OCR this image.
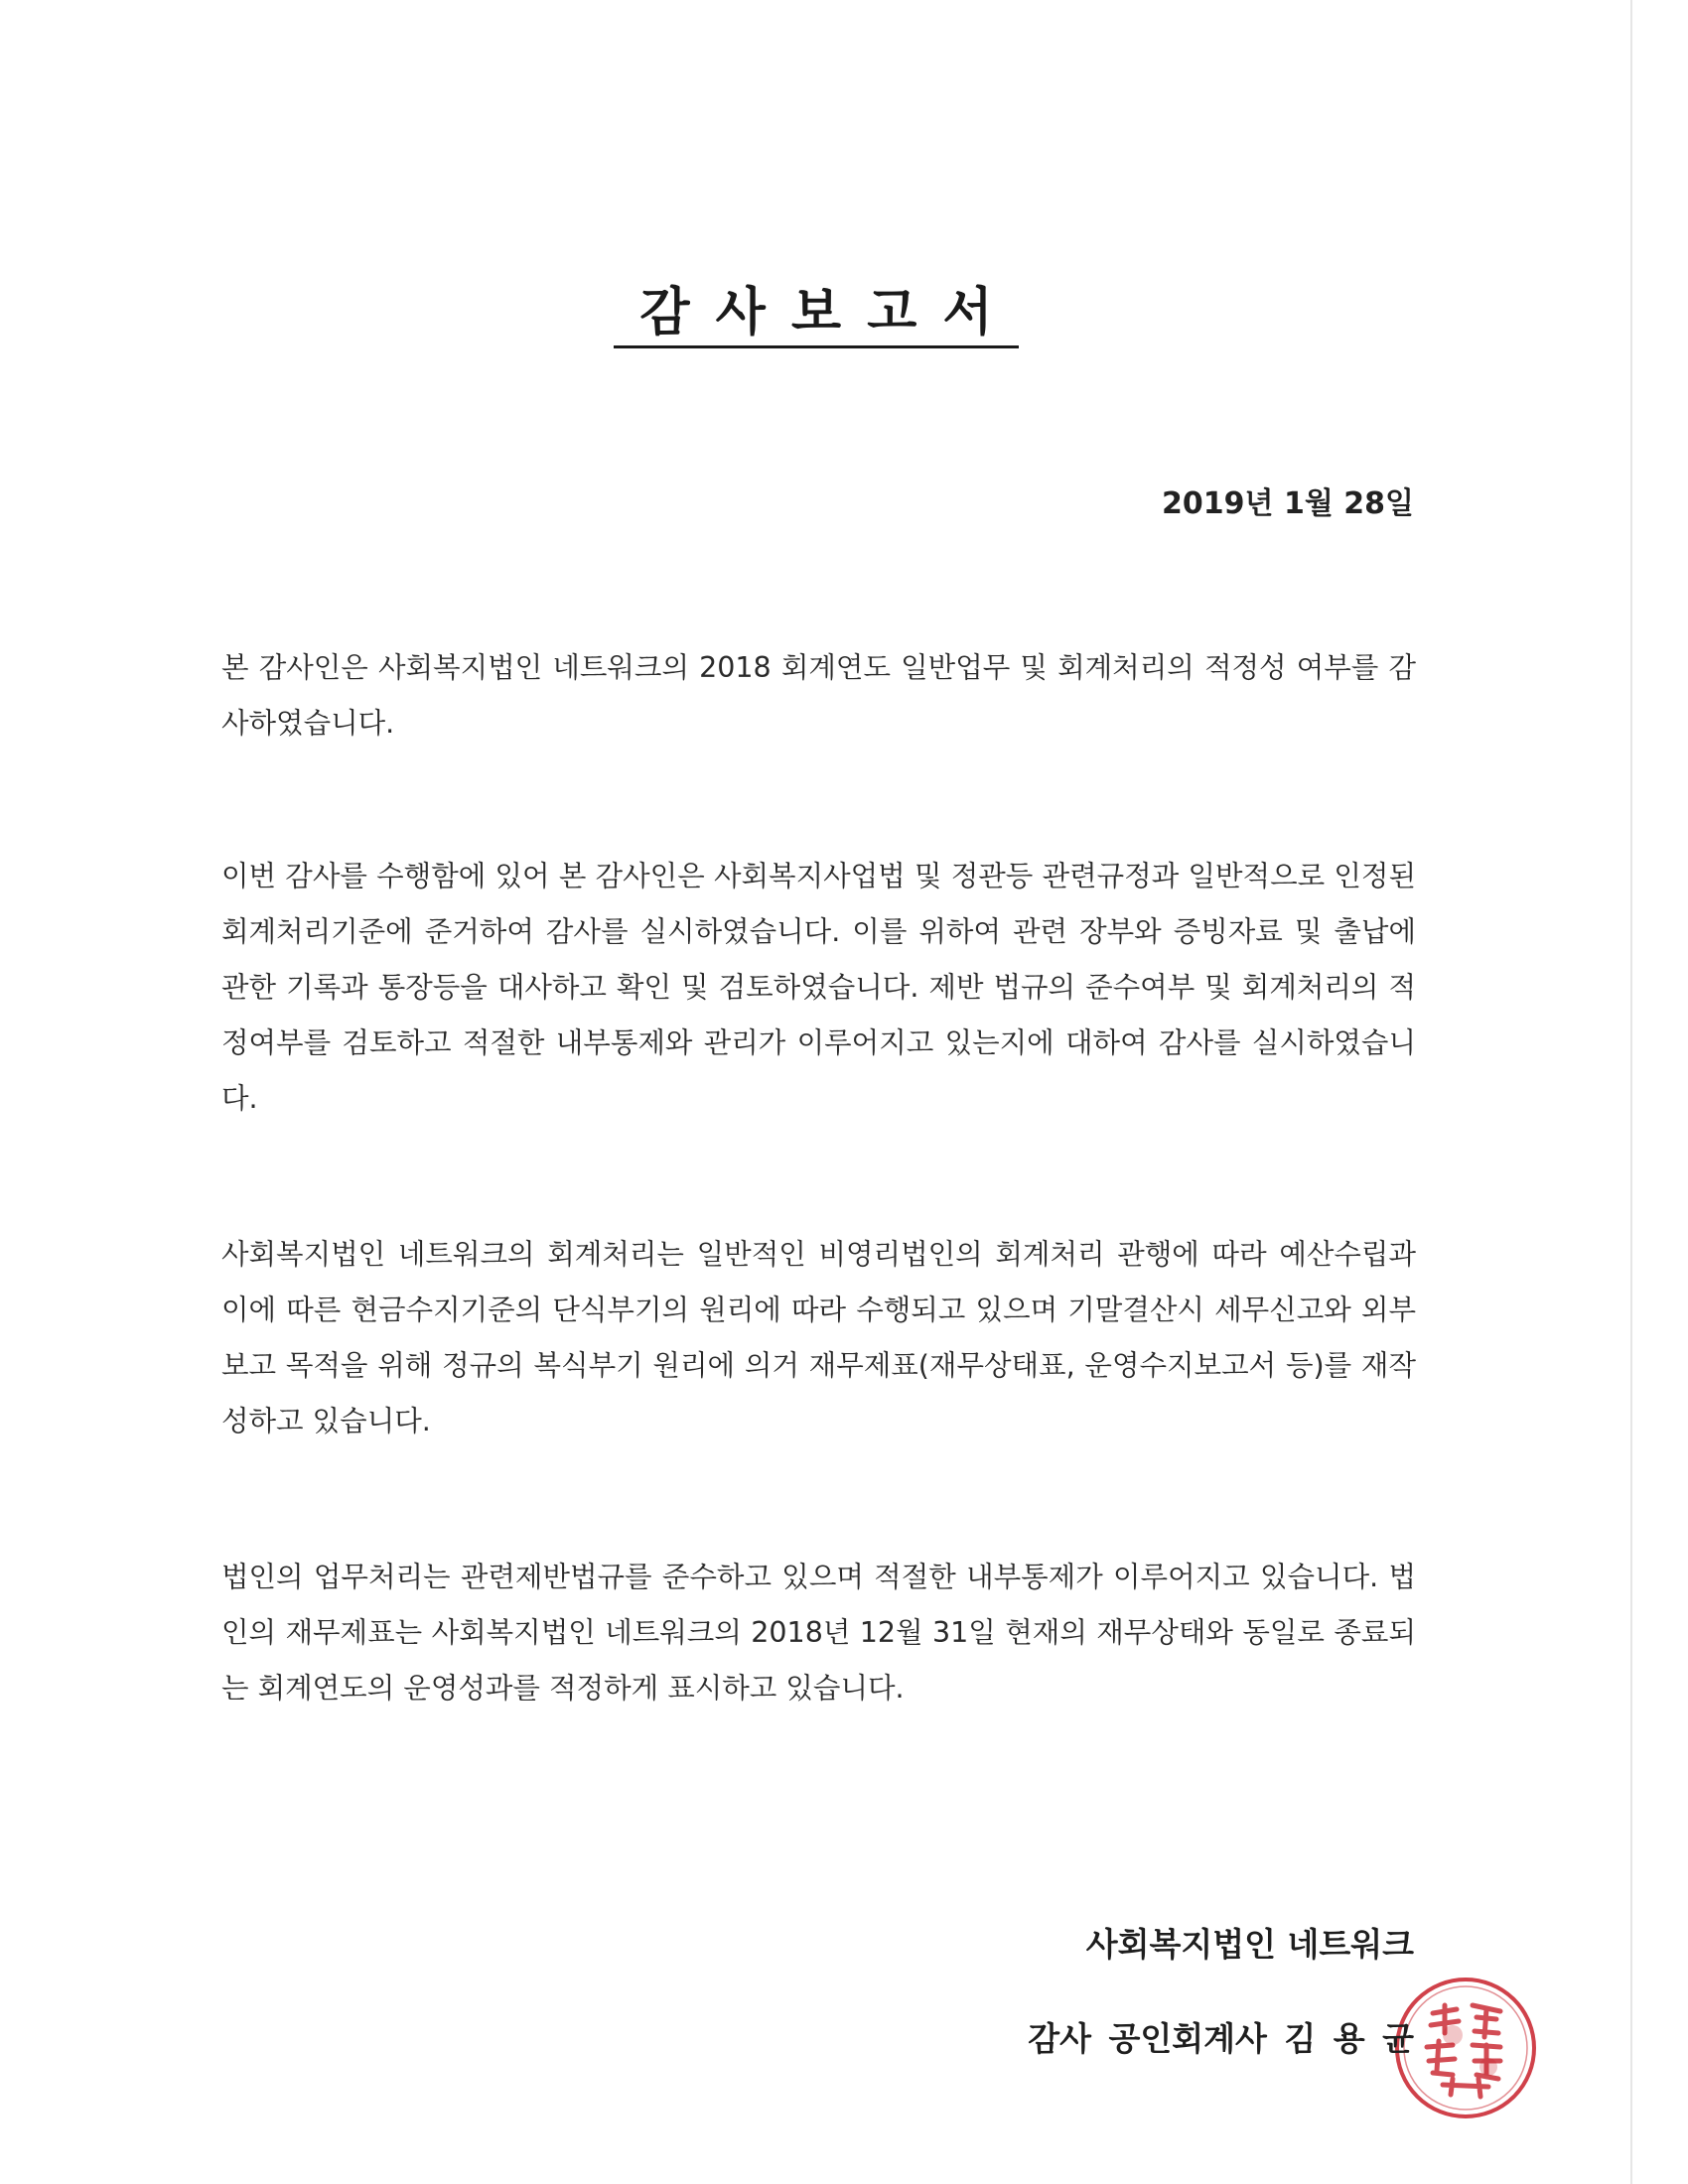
감사보고서
2019년 1월 28일

본 감사인은 사회복지법인 네트워크의 2018 회계연도 일반업무 및 회계처리의 적정성 여부를 감사하였습니다.

이번 감사를 수행함에 있어 본 감사인은 사회복지사업법 및 정관등 관련규정과 일반적으로 인정된 회계처리기준에 준거하여 감사를 실시하였습니다. 이를 위하여 관련 장부와 증빙자료 및 출납에 관한 기록과 통장등을 대사하고 확인 및 검토하였습니다. 제반 법규의 준수여부 및 회계처리의 적정여부를 검토하고 적절한 내부통제와 관리가 이루어지고 있는지에 대하여 감사를 실시하였습니다.

사회복지법인 네트워크의 회계처리는 일반적인 비영리법인의 회계처리 관행에 따라 예산수립과 이에 따른 현금수지기준의 단식부기의 원리에 따라 수행되고 있으며 기말결산시 세무신고와 외부보고 목적을 위해 정규의 복식부기 원리에 의거 재무제표(재무상태표, 운영수지보고서 등)를 재작성하고 있습니다.

법인의 업무처리는 관련제반법규를 준수하고 있으며 적절한 내부통제가 이루어지고 있습니다. 법인의 재무제표는 사회복지법인 네트워크의 2018년 12월 31일 현재의 재무상태와 동일로 종료되는 회계연도의 운영성과를 적정하게 표시하고 있습니다.

사회복지법인 네트워크
감사 공인회계사 김 용 균
